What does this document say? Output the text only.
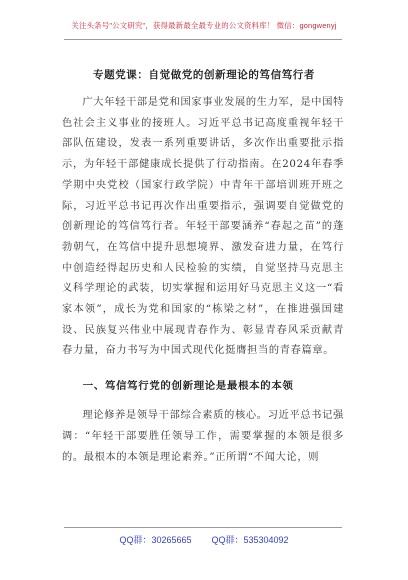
关注头条号"公文研究"，获得最新最全最专业的公文资料库！ 微信：gongwenyj
专题党课：自觉做党的创新理论的笃信笃行者

广大年轻干部是党和国家事业发展的生力军，是中国特色社会主义事业的接班人。习近平总书记高度重视年轻干部队伍建设，发表一系列重要讲话，多次作出重要批示指示，为年轻干部健康成长提供了行动指南。在2024年春季学期中央党校（国家行政学院）中青年干部培训班开班之际，习近平总书记再次作出重要指示，强调要自觉做党的创新理论的笃信笃行者。年轻干部要涵养“春起之苗”的蓬勃朝气，在笃信中提升思想境界、激发奋进力量，在笃行中创造经得起历史和人民检验的实绩，自觉坚持马克思主义科学理论的武装，切实掌握和运用好马克思主义这一“看家本领”，成长为党和国家的“栋梁之材”，在推进强国建设、民族复兴伟业中展现青春作为、彰显青春风采贡献青春力量，奋力书写为中国式现代化挺膺担当的青春篇章。

一、笃信笃行党的创新理论是最根本的本领

理论修养是领导干部综合素质的核心。习近平总书记强调：“年轻干部要胜任领导工作，需要掌握的本领是很多的。最根本的本领是理论素养。”正所谓“不闻大论，则

QQ群：30265665 QQ群：535304092
